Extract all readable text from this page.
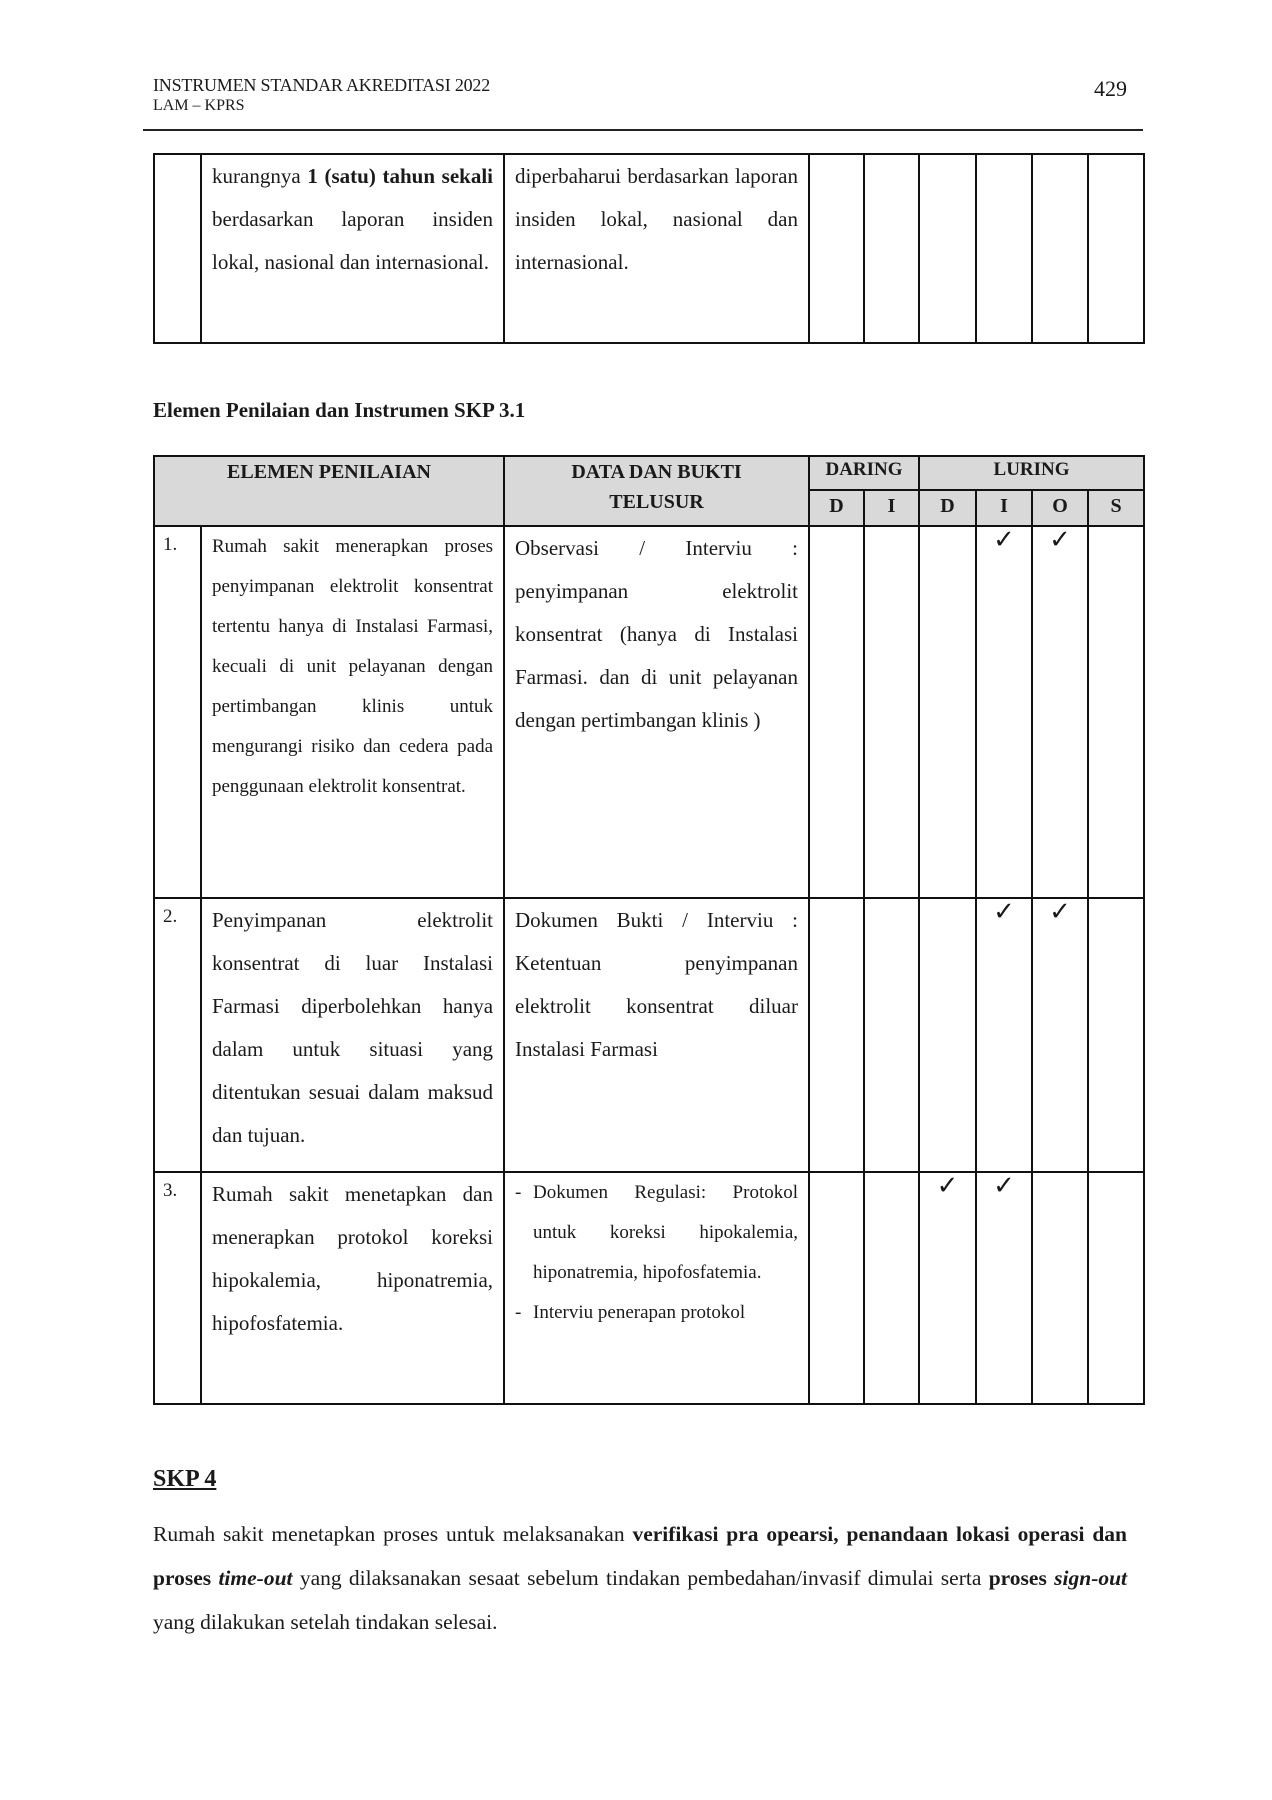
INSTRUMEN STANDAR AKREDITASI 2022
LAM – KPRS
429

kurangnya 1 (satu) tahun sekali berdasarkan laporan insiden lokal, nasional dan internasional.

diperbaharui berdasarkan laporan insiden lokal, nasional dan internasional.

Elemen Penilaian dan Instrumen SKP 3.1
ELEMEN PENILAIAN		DATA DAN BUKTI TELUSUR	DARING		LURING			
			D	I	D	I	O	S

1.	Rumah sakit menerapkan proses penyimpanan elektrolit konsentrat tertentu hanya di Instalasi Farmasi, kecuali di unit pelayanan dengan pertimbangan klinis untuk mengurangi risiko dan cedera pada penggunaan elektrolit konsentrat.	Observasi / Interviu : penyimpanan elektrolit konsentrat (hanya di Instalasi Farmasi. dan di unit pelayanan dengan pertimbangan klinis )				✓	✓	

2.	Penyimpanan elektrolit konsentrat di luar Instalasi Farmasi diperbolehkan hanya dalam untuk situasi yang ditentukan sesuai dalam maksud dan tujuan.	Dokumen Bukti / Interviu : Ketentuan penyimpanan elektrolit konsentrat diluar Instalasi Farmasi				✓	✓	

3.	Rumah sakit menetapkan dan menerapkan protokol koreksi hipokalemia, hiponatremia, hipofosfatemia.	- Dokumen Regulasi: Protokol untuk koreksi hipokalemia, hiponatremia, hipofosfatemia.
- Interviu penerapan protokol			✓	✓		
SKP 4
Rumah sakit menetapkan proses untuk melaksanakan verifikasi pra opearsi, penandaan lokasi operasi dan proses time-out yang dilaksanakan sesaat sebelum tindakan pembedahan/invasif dimulai serta proses sign-out yang dilakukan setelah tindakan selesai.
